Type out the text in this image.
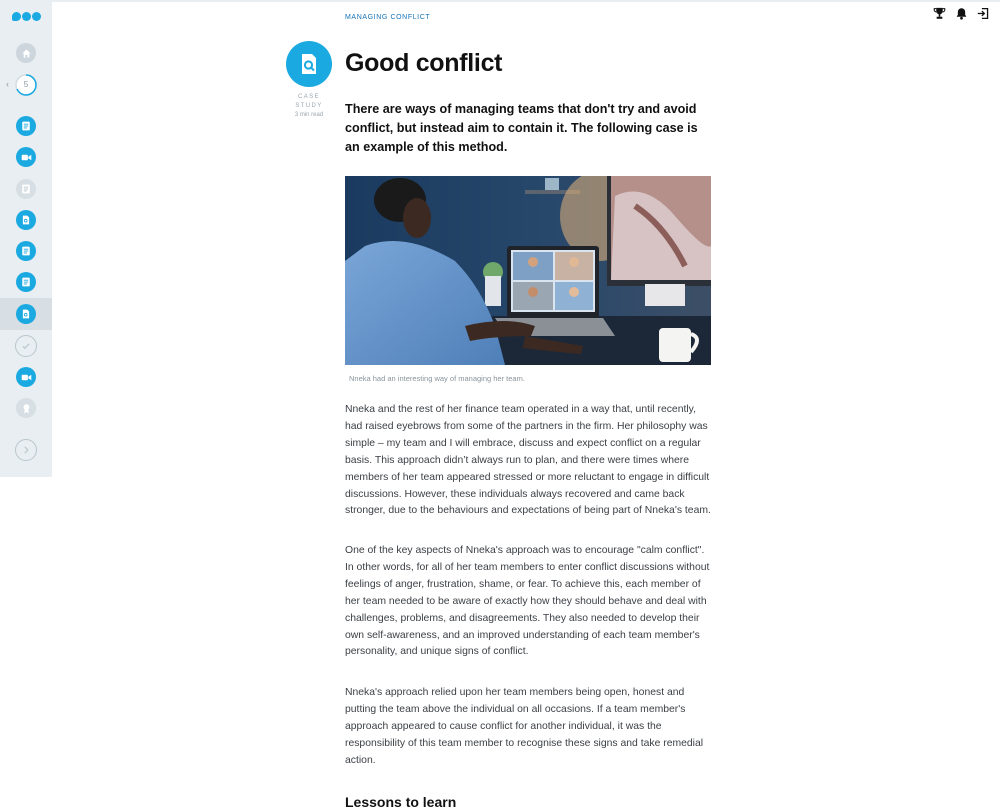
‹	5
MANAGING CONFLICT
CASE
STUDY
3 min read
Good conflict

There are ways of managing teams that don't try and avoid conflict, but instead aim to contain it. The following case is an example of this method.

Nneka had an interesting way of managing her team.

Nneka and the rest of her finance team operated in a way that, until recently, had raised eyebrows from some of the partners in the firm. Her philosophy was simple – my team and I will embrace, discuss and expect conflict on a regular basis. This approach didn’t always run to plan, and there were times where members of her team appeared stressed or more reluctant to engage in difficult discussions. However, these individuals always recovered and came back stronger, due to the behaviours and expectations of being part of Nneka's team.

One of the key aspects of Nneka's approach was to encourage "calm conflict". In other words, for all of her team members to enter conflict discussions without feelings of anger, frustration, shame, or fear. To achieve this, each member of her team needed to be aware of exactly how they should behave and deal with challenges, problems, and disagreements. They also needed to develop their own self-awareness, and an improved understanding of each team member's personality, and unique signs of conflict.

Nneka's approach relied upon her team members being open, honest and putting the team above the individual on all occasions. If a team member's approach appeared to cause conflict for another individual, it was the responsibility of this team member to recognise these signs and take remedial action.

Lessons to learn
